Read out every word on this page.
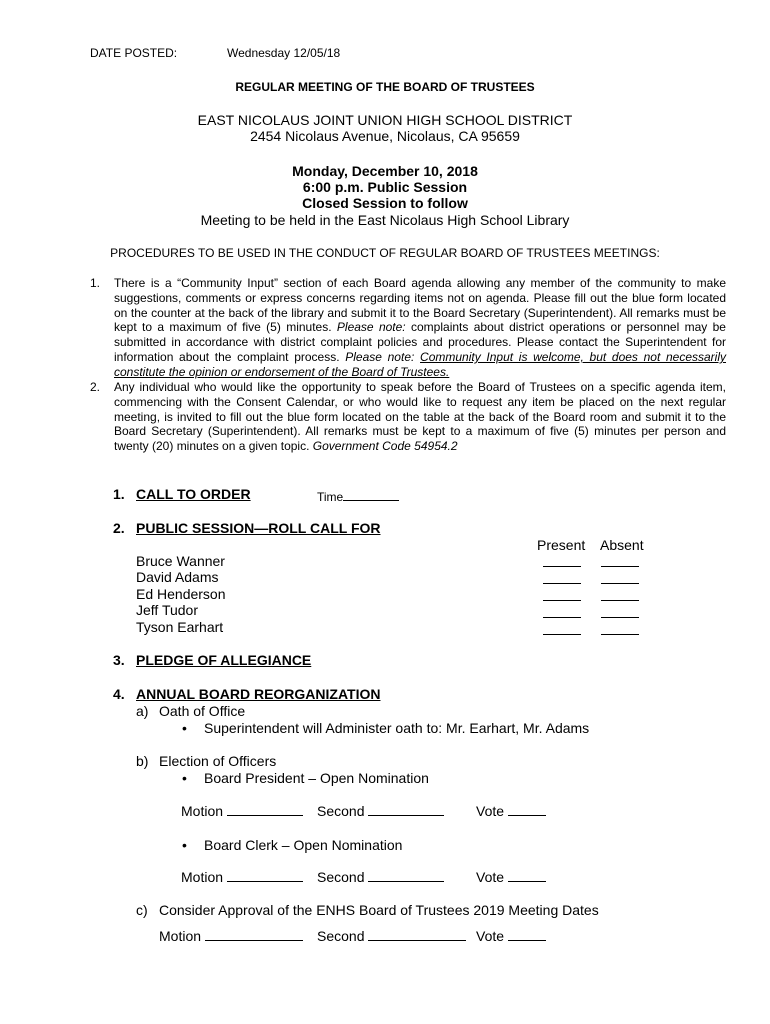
DATE POSTED:	Wednesday 12/05/18
REGULAR MEETING OF THE BOARD OF TRUSTEES
EAST NICOLAUS JOINT UNION HIGH SCHOOL DISTRICT
2454 Nicolaus Avenue, Nicolaus, CA 95659
Monday, December 10, 2018
6:00 p.m. Public Session
Closed Session to follow
Meeting to be held in the East Nicolaus High School Library
PROCEDURES TO BE USED IN THE CONDUCT OF REGULAR BOARD OF TRUSTEES MEETINGS:
1. There is a “Community Input” section of each Board agenda allowing any member of the community to make suggestions, comments or express concerns regarding items not on agenda. Please fill out the blue form located on the counter at the back of the library and submit it to the Board Secretary (Superintendent). All remarks must be kept to a maximum of five (5) minutes. Please note: complaints about district operations or personnel may be submitted in accordance with district complaint policies and procedures. Please contact the Superintendent for information about the complaint process. Please note: Community Input is welcome, but does not necessarily constitute the opinion or endorsement of the Board of Trustees.
2. Any individual who would like the opportunity to speak before the Board of Trustees on a specific agenda item, commencing with the Consent Calendar, or who would like to request any item be placed on the next regular meeting, is invited to fill out the blue form located on the table at the back of the Board room and submit it to the Board Secretary (Superintendent). All remarks must be kept to a maximum of five (5) minutes per person and twenty (20) minutes on a given topic. Government Code 54954.2
1. CALL TO ORDER	Time
2. PUBLIC SESSION—ROLL CALL FOR
Present Absent
Bruce Wanner
David Adams
Ed Henderson
Jeff Tudor
Tyson Earhart
3. PLEDGE OF ALLEGIANCE
4. ANNUAL BOARD REORGANIZATION
a) Oath of Office
• Superintendent will Administer oath to: Mr. Earhart, Mr. Adams
b) Election of Officers
• Board President – Open Nomination
Motion	Second	Vote
• Board Clerk – Open Nomination
Motion	Second	Vote
c) Consider Approval of the ENHS Board of Trustees 2019 Meeting Dates
Motion	Second	Vote
